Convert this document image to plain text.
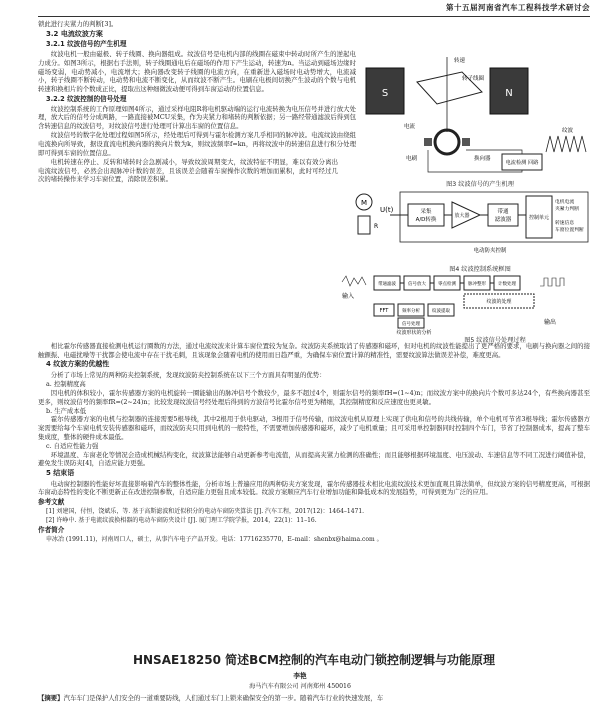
第十五届河南省汽车工程科技学术研讨会

锁此进行夹紧力的判断[3]。

3.2 电流纹波方案
3.2.1 纹波信号的产生机理

纹波电机一般由磁极、转子线圈、换向器组成。纹波信号是电机内部的线圈在磁束中转动时所产生的逆起电力成分。如图3所示，根据右手法则，转子线圈通电后在磁场的作用下产生运动，转速为n。当运动到磁场边缘时磁场变弱，电动势减小，电流增大；换向器改变转子线圈的电流方向，在重新进入磁场时电动势增大，电流减小，转子线圈不断转动，电动势和电流不断变化，从而纹波不断产生。电刷在电极间切换产生波动的个数与电机转速和换相片的个数成正比，提取出这种细微波动便可得到车窗运动的位置信息。

3.2.2 纹波控制的信号处理

纹波控制系统的工作原理如图4所示，通过采样电阻R将电机驱动端的运行电流转换为电压信号并进行放大处理，放大后的信号分成两路，一路直接被MCU采集，作为夹紧力和堵转的判断依据；另一路经带通滤波后得到包含转速信息的纹波信号，对纹波信号进行处理可计算出车窗的位置信息。

纹波信号的数字化处理过程如图5所示，经处理后可得到与霍尔检测方案几乎相同的脉冲波。电流纹波由绕组电流换向所导致，据设直流电机换向器的换向片数为k，则纹波频率f=kn，再将纹波中的转速信息进行积分处理即可得到车窗的位置信息。

电机转速在停止、反转和堵转时会急剧减小，导致纹波周期变大，纹波特征不明显，难以有效分离出电流纹波信号，必然会出现脉冲计数的误差，且该误差会随着车窗操作次数的增加而累积，此时可经过几次的堵转操作来学习车窗位置，消除误差积累。

相比霍尔传感器直接检测电机运行圈数的方法，通过电流纹波来计算车窗位置较为复杂。纹波防夹系统取消了传感器和磁环，但对电机的纹波性能提出了更严格的要求，电刷与换向器之间的接触颤振、电磁扰噪等干扰都会使电流中存在干扰毛刺，且该现象会随着电机的使用而日趋严重，为确保车窗位置计算的精准性，需要纹波算法做误差补偿，难度更高。

4 纹波方案的优越性

分析了市场上常见的两种防夹控制系统，发现纹波防夹控制系统在以下三个方面具有明显的优势：

a. 控制精度高

因电机的体积较小，霍尔传感器方案的电机旋转一圈能输出的脉冲信号个数较少，最多不超过4个，则霍尔信号的频率fH=(1~4)n；而纹波方案中的换向片个数可多达24个，有些换向器甚至更多，则纹波信号的频率fR=(2~24)n；比较发现纹波信号经处理后得到的方波信号比霍尔信号更为精细，其控制精度和反应速度也更灵敏。

b. 生产成本低

霍尔传感器方案的电机与控制器的连接需要5根导线，其中2根用于供电驱动，3根用于信号传输，而纹波电机从原理上实现了供电和信号的共线传输，单个电机可节省3根导线；霍尔传感器方案需要给每个车窗电机安装传感器和磁环，而纹波防夹只用到电机的一般特性，不需要增加传感器和磁环，减少了电机重量；且可采用单控制器同时控制四个车门，节省了控制器成本，提高了整车集成度，整体的硬件成本最低。

c. 自适应性能力强

环境温度、车窗老化等情况会造成机械结构变化，纹波算法能够自动更新参考电流值，从而提高夹紧力检测的准确性；而且能够根据环境温度、电压波动、车速信息等不同工况进行阈值补偿，避免发生误防夹[4]，自适应能力更强。

5 结束语

电动窗控制器的性能好坏直接影响着汽车的整体性能，分析市场上普遍应用的两种防夹方案发现，霍尔传感器技术相比电流纹波技术更加直观且算法简单，但纹波方案的信号精度更高，可根据车窗动态特性的变化不断更新正在改进控制参数，自适应能力更强且成本较低。纹波方案顺应汽车行业增加功能和降低成本的发展趋势，可得到更为广泛的应用。

参考文献

[1] 刘建国，付恒，饶斌乐，等. 基于高斯滤波和近似积分的电动车窗防夹算法 [J]. 汽车工程，2017(12)：1464–1471.

[2] 许峥中. 基于电流纹波换相器的电动车窗防夹设计 [J]. 厦门理工学院学报，2014，22(1)：11–16.

作者简介

申冰冶 (1991.11)，河南周口人，硕士，从事汽车电子产品开发。电话：17716235770，E–mail：shenbx@haima.com 。

S	N
转速
转子线圈
电流
电刷	换向器
电流检测 回路
纹波
图3 纹波信号的产生机理
M
R
U(t)	采集
A/D转换
放大器
带通
滤波器	控制单元
电机电流
夹紧力判断
转速信息
车窗位置判断
电动防夹控制
图4 纹波控制系统框图
输入
带通滤波	信号放大	零点检测	脉冲整形	计数处理
纹波的处理
FFT	频率分析	纹波提取
信号处理
纹波形状的分析
输出
图5 纹波信号处理过程
HNSAE18250 简述BCM控制的汽车电动门锁控制逻辑与功能原理
李艳
海马汽车有限公司 河南郑州 450016
【摘要】汽车车门是保护人们安全的一道重要防线，人们通过车门上锁来确保安全的第一步。随着汽车行业的快速发展，车
